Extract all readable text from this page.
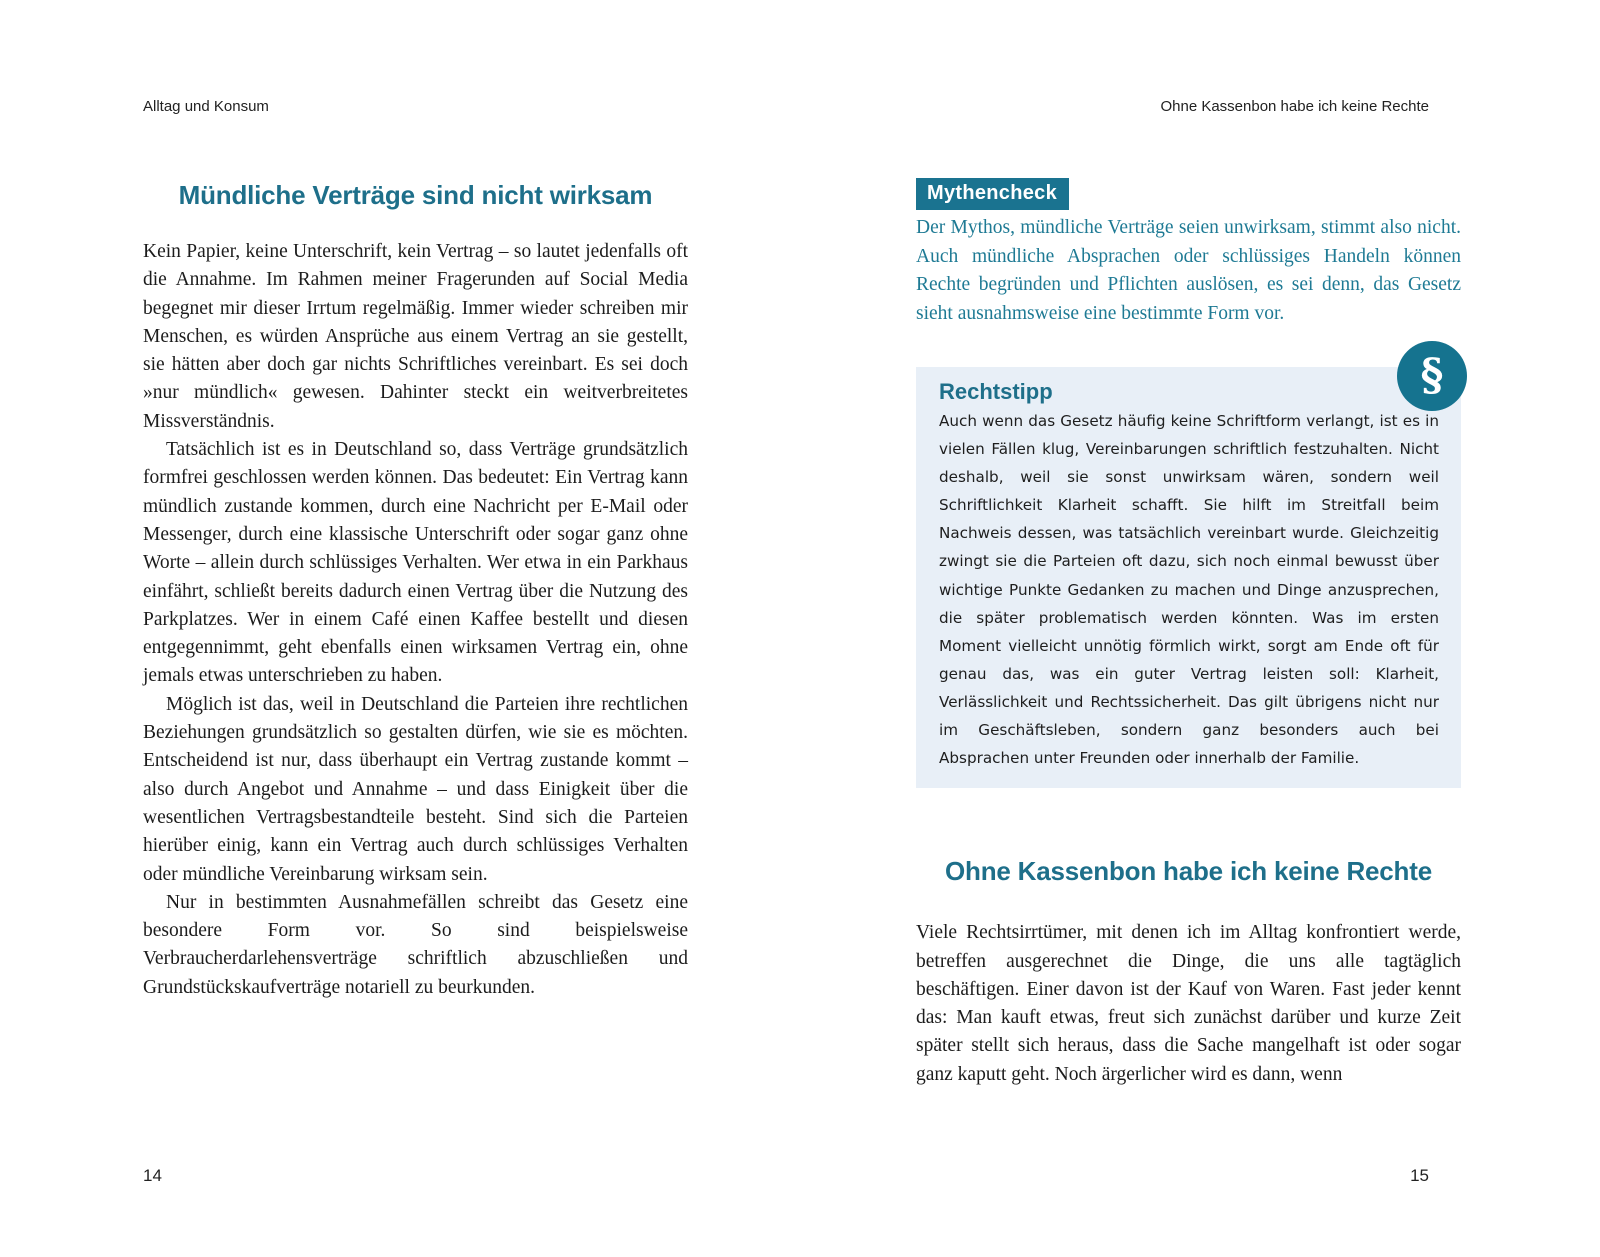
Alltag und Konsum	Ohne Kassenbon habe ich keine Rechte
Mündliche Verträge sind nicht wirksam

Kein Papier, keine Unterschrift, kein Vertrag – so lautet jedenfalls oft die Annahme. Im Rahmen meiner Fragerunden auf Social Media begegnet mir dieser Irrtum regelmäßig. Immer wieder schreiben mir Menschen, es würden Ansprüche aus einem Vertrag an sie gestellt, sie hätten aber doch gar nichts Schriftliches vereinbart. Es sei doch »nur mündlich« gewesen. Dahinter steckt ein weitverbreitetes Missverständnis.

Tatsächlich ist es in Deutschland so, dass Verträge grundsätzlich formfrei geschlossen werden können. Das bedeutet: Ein Vertrag kann mündlich zustande kommen, durch eine Nachricht per E-Mail oder Messenger, durch eine klassische Unterschrift oder sogar ganz ohne Worte – allein durch schlüssiges Verhalten. Wer etwa in ein Parkhaus einfährt, schließt bereits dadurch einen Vertrag über die Nutzung des Parkplatzes. Wer in einem Café einen Kaffee bestellt und diesen entgegennimmt, geht ebenfalls einen wirksamen Vertrag ein, ohne jemals etwas unterschrieben zu haben.

Möglich ist das, weil in Deutschland die Parteien ihre rechtlichen Beziehungen grundsätzlich so gestalten dürfen, wie sie es möchten. Entscheidend ist nur, dass überhaupt ein Vertrag zustande kommt – also durch Angebot und Annahme – und dass Einigkeit über die wesentlichen Vertragsbestandteile besteht. Sind sich die Parteien hierüber einig, kann ein Vertrag auch durch schlüssiges Verhalten oder mündliche Vereinbarung wirksam sein.

Nur in bestimmten Ausnahmefällen schreibt das Gesetz eine besondere Form vor. So sind beispielsweise Verbraucherdarlehensverträge schriftlich abzuschließen und Grundstückskaufverträge notariell zu beurkunden.

Mythencheck

Der Mythos, mündliche Verträge seien unwirksam, stimmt also nicht. Auch mündliche Absprachen oder schlüssiges Handeln können Rechte begründen und Pflichten auslösen, es sei denn, das Gesetz sieht ausnahmsweise eine bestimmte Form vor.

§
Rechtstipp

Auch wenn das Gesetz häufig keine Schriftform verlangt, ist es in vielen Fällen klug, Vereinbarungen schriftlich festzuhalten. Nicht deshalb, weil sie sonst unwirksam wären, sondern weil Schriftlichkeit Klarheit schafft. Sie hilft im Streitfall beim Nachweis dessen, was tatsächlich vereinbart wurde. Gleichzeitig zwingt sie die Parteien oft dazu, sich noch einmal bewusst über wichtige Punkte Gedanken zu machen und Dinge anzusprechen, die später problematisch werden könnten. Was im ersten Moment vielleicht unnötig förmlich wirkt, sorgt am Ende oft für genau das, was ein guter Vertrag leisten soll: Klarheit, Verlässlichkeit und Rechtssicherheit. Das gilt übrigens nicht nur im Geschäftsleben, sondern ganz besonders auch bei Absprachen unter Freunden oder innerhalb der Familie.

Ohne Kassenbon habe ich keine Rechte

Viele Rechtsirrtümer, mit denen ich im Alltag konfrontiert werde, betreffen ausgerechnet die Dinge, die uns alle tagtäglich beschäftigen. Einer davon ist der Kauf von Waren. Fast jeder kennt das: Man kauft etwas, freut sich zunächst darüber und kurze Zeit später stellt sich heraus, dass die Sache mangelhaft ist oder sogar ganz kaputt geht. Noch ärgerlicher wird es dann, wenn

14	15
